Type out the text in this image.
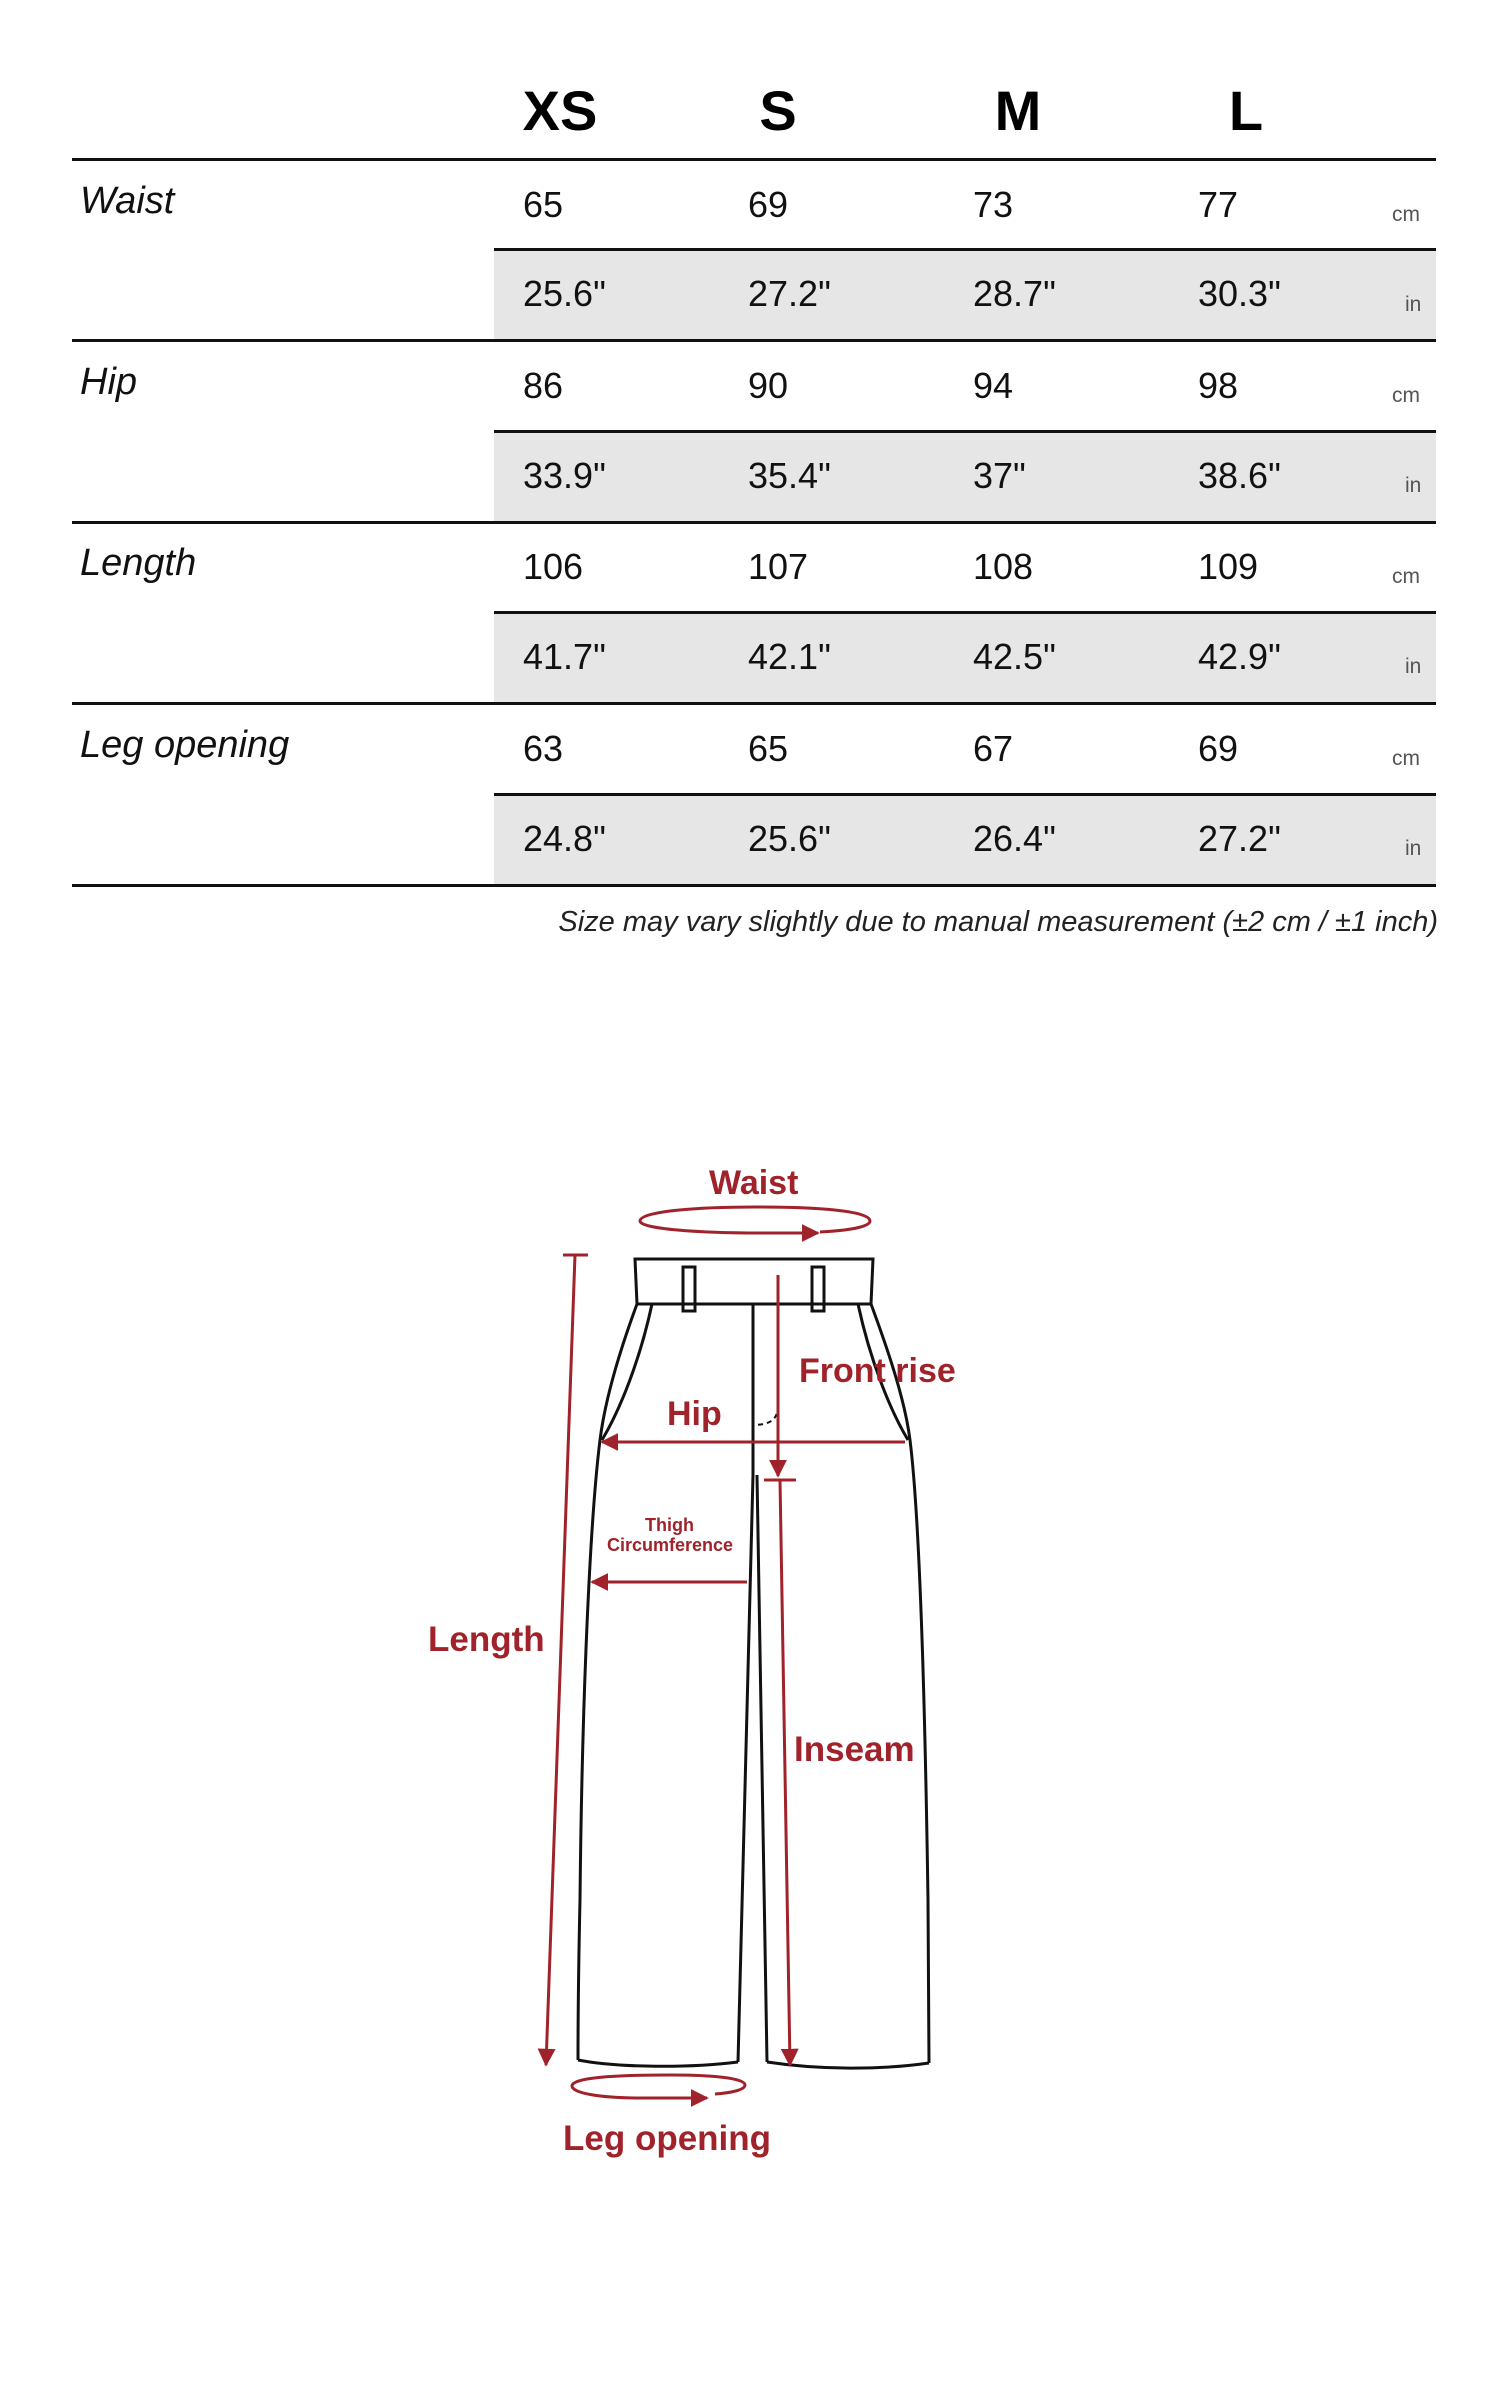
XS	S	M	L
Waist	65	69	73	77	cm
25.6"	27.2"	28.7"	30.3"	in
Hip	86	90	94	98	cm
33.9"	35.4"	37"	38.6"	in
Length	106	107	108	109	cm
41.7"	42.1"	42.5"	42.9"	in
Leg opening	63	65	67	69	cm
24.8"	25.6"	26.4"	27.2"	in
Size may vary slightly due to manual measurement (±2 cm / ±1 inch)
Waist
Front rise
Hip
Thigh
Circumference
Length
Inseam
Leg opening
